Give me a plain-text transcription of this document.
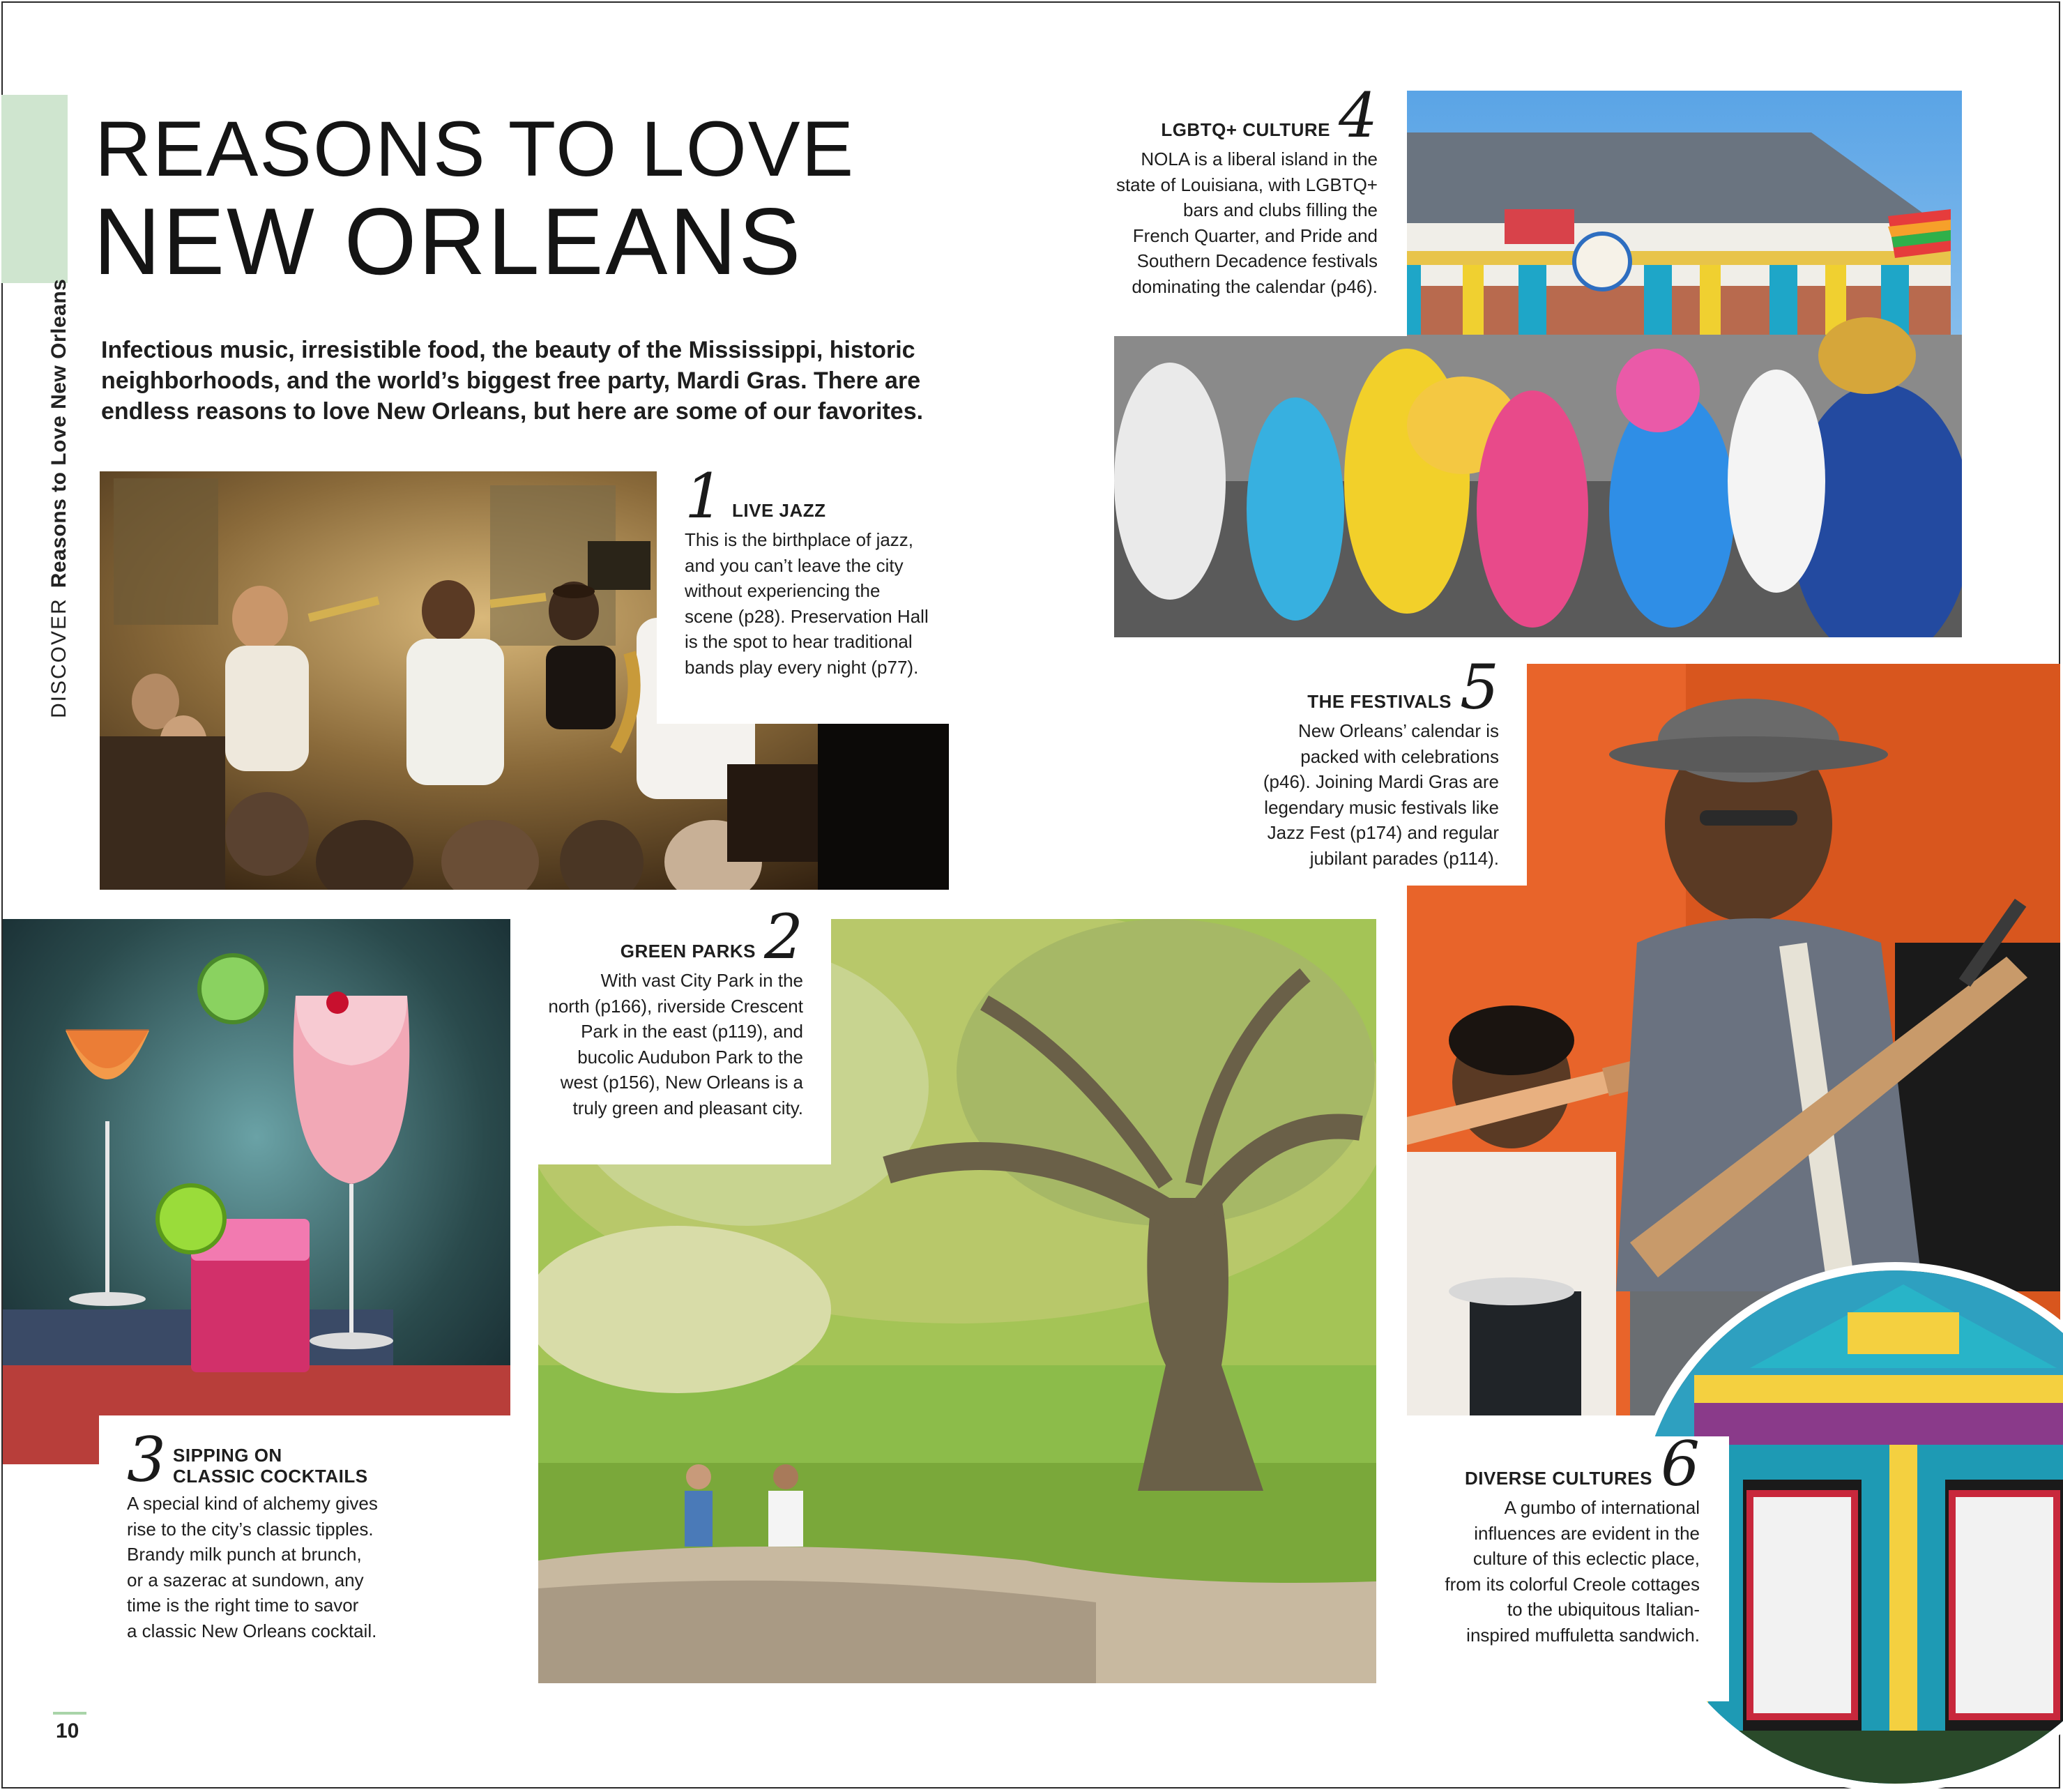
DISCOVERReasons to Love New Orleans
REASONS TO LOVE
NEW ORLEANS
Infectious music, irresistible food, the beauty of the Mississippi, historic neighborhoods, and the world’s biggest free party, Mardi Gras. There are endless reasons to love New Orleans, but here are some of our favorites.
1 LIVE JAZZ
This is the birthplace of jazz,
and you can’t leave the city
without experiencing the
scene (p28). Preservation Hall
is the spot to hear traditional
bands play every night (p77).
LGBTQ+ CULTURE 4
NOLA is a liberal island in the
state of Louisiana, with LGBTQ+
bars and clubs filling the
French Quarter, and Pride and
Southern Decadence festivals
dominating the calendar (p46).
3 SIPPING ON
CLASSIC COCKTAILS
A special kind of alchemy gives
rise to the city’s classic tipples.
Brandy milk punch at brunch,
or a sazerac at sundown, any
time is the right time to savor
a classic New Orleans cocktail.
GREEN PARKS 2
With vast City Park in the
north (p166), riverside Crescent
Park in the east (p119), and
bucolic Audubon Park to the
west (p156), New Orleans is a
truly green and pleasant city.
THE FESTIVALS 5
New Orleans’ calendar is
packed with celebrations
(p46). Joining Mardi Gras are
legendary music festivals like
Jazz Fest (p174) and regular
jubilant parades (p114).
DIVERSE CULTURES 6
A gumbo of international
influences are evident in the
culture of this eclectic place,
from its colorful Creole cottages
to the ubiquitous Italian-
inspired muffuletta sandwich.
10
